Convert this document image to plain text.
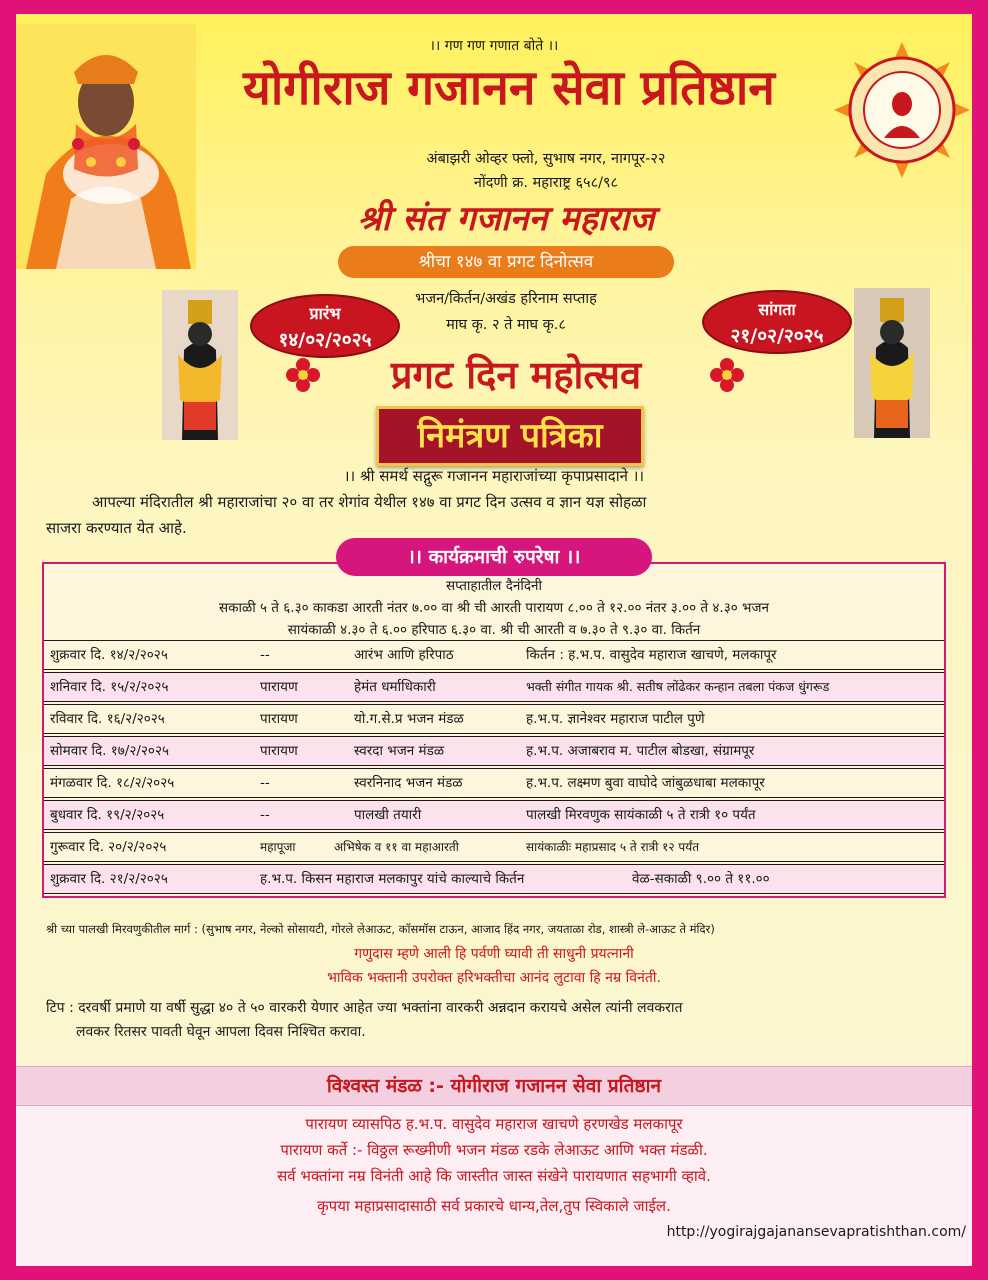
।। गण गण गणात बोते ।।
योगीराज गजानन सेवा प्रतिष्ठान
अंबाझरी ओव्हर फ्लो, सुभाष नगर, नागपूर-२२
नोंदणी क्र. महाराष्ट्र ६५८/९८
श्री संत गजानन महाराज
श्रीचा १४७ वा प्रगट दिनोत्सव
प्रारंभ
१४/०२/२०२५
सांगता
२१/०२/२०२५
भजन/किर्तन/अखंड हरिनाम सप्ताह
माघ कृ. २ ते माघ कृ.८
प्रगट दिन महोत्सव
निमंत्रण पत्रिका
।। श्री समर्थ सद्गुरू गजानन महाराजांच्या कृपाप्रसादाने ।।
आपल्या मंदिरातील श्री महाराजांचा २० वा तर शेगांव येथील १४७ वा प्रगट दिन उत्सव व ज्ञान यज्ञ सोहळा
साजरा करण्यात येत आहे.
।। कार्यक्रमाची रुपरेषा ।।
सप्ताहातील दैनंदिनी
सकाळी ५ ते ६.३० काकडा आरती नंतर ७.०० वा श्री ची आरती पारायण ८.०० ते १२.०० नंतर ३.०० ते ४.३० भजन
सायंकाळी ४.३० ते ६.०० हरिपाठ ६.३० वा. श्री ची आरती व ७.३० ते ९.३० वा. किर्तन
शुक्रवार दि. १४/२/२०२५	--	आरंभ आणि हरिपाठ	किर्तन : ह.भ.प. वासुदेव महाराज खाचणे, मलकापूर
शनिवार दि. १५/२/२०२५	पारायण	हेमंत धर्माधिकारी	भक्ती संगीत गायक श्री. सतीष लोंढेकर कन्हान तबला पंकज धुंगरूड
रविवार दि. १६/२/२०२५	पारायण	यो.ग.से.प्र भजन मंडळ	ह.भ.प. ज्ञानेश्वर महाराज पाटील पुणे
सोमवार दि. १७/२/२०२५	पारायण	स्वरदा भजन मंडळ	ह.भ.प. अजाबराव म. पाटील बोडखा, संग्रामपूर
मंगळवार दि. १८/२/२०२५	--	स्वरनिनाद भजन मंडळ	ह.भ.प. लक्ष्मण बुवा वाघोदे जांबुळधाबा मलकापूर
बुधवार दि. १९/२/२०२५	--	पालखी तयारी	पालखी मिरवणुक सायंकाळी ५ ते रात्री १० पर्यंत
गुरूवार दि. २०/२/२०२५	महापूजा	अभिषेक व ११ वा महाआरती	सायंकाळीः महाप्रसाद ५ ते रात्री १२ पर्यंत
शुक्रवार दि. २१/२/२०२५	ह.भ.प. किसन महाराज मलकापुर यांचे काल्याचे किर्तन	वेळ-सकाळी ९.०० ते ११.००
श्री च्या पालखी मिरवणुकीतील मार्ग : (सुभाष नगर, नेल्को सोसायटी, गोरले लेआऊट, कॉसमॉस टाऊन, आजाद हिंद नगर, जयताळा रोड, शास्त्री ले-आऊट ते मंदिर)
गणुदास म्हणे आली हि पर्वणी घ्यावी ती साधुनी प्रयत्नानी
भाविक भक्तानी उपरोक्त हरिभक्तीचा आनंद लुटावा हि नम्र विनंती.
टिप : दरवर्षी प्रमाणे या वर्षी सुद्धा ४० ते ५० वारकरी येणार आहेत ज्या भक्तांना वारकरी अन्नदान करायचे असेल त्यांनी लवकरात
लवकर रितसर पावती घेवून आपला दिवस निश्चित करावा.
विश्वस्त मंडळ :- योगीराज गजानन सेवा प्रतिष्ठान
पारायण व्यासपिठ ह.भ.प. वासुदेव महाराज खाचणे हरणखेड मलकापूर
पारायण कर्ते :- विठ्ठल रूख्मीणी भजन मंडळ रडके लेआऊट आणि भक्त मंडळी.
सर्व भक्तांना नम्र विनंती आहे कि जास्तीत जास्त संखेने पारायणात सहभागी व्हावे.
कृपया महाप्रसादासाठी सर्व प्रकारचे धान्य,तेल,तुप स्विकाले जाईल.
http://yogirajgajanansevapratishthan.com/
